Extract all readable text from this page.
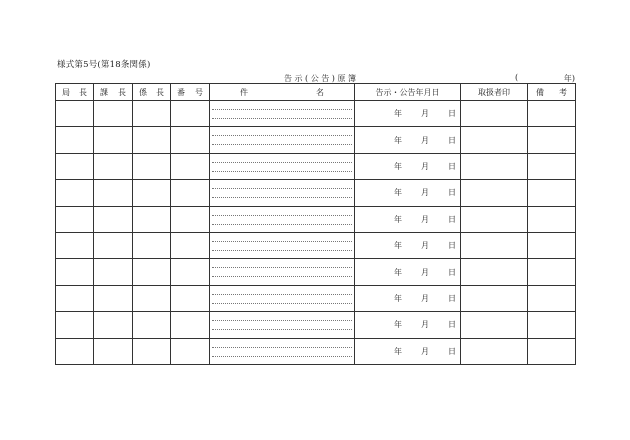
様式第5号(第18条関係)
告 示 ( 公 告 ) 原 簿	(	年)
局 長	課 長	係 長	番 号	件 名	告示・公告年月日	取扱者印	備 考

					年 月 日		

					年 月 日		

					年 月 日		

					年 月 日		

					年 月 日		

					年 月 日		

					年 月 日		

					年 月 日		

					年 月 日		

					年 月 日		
